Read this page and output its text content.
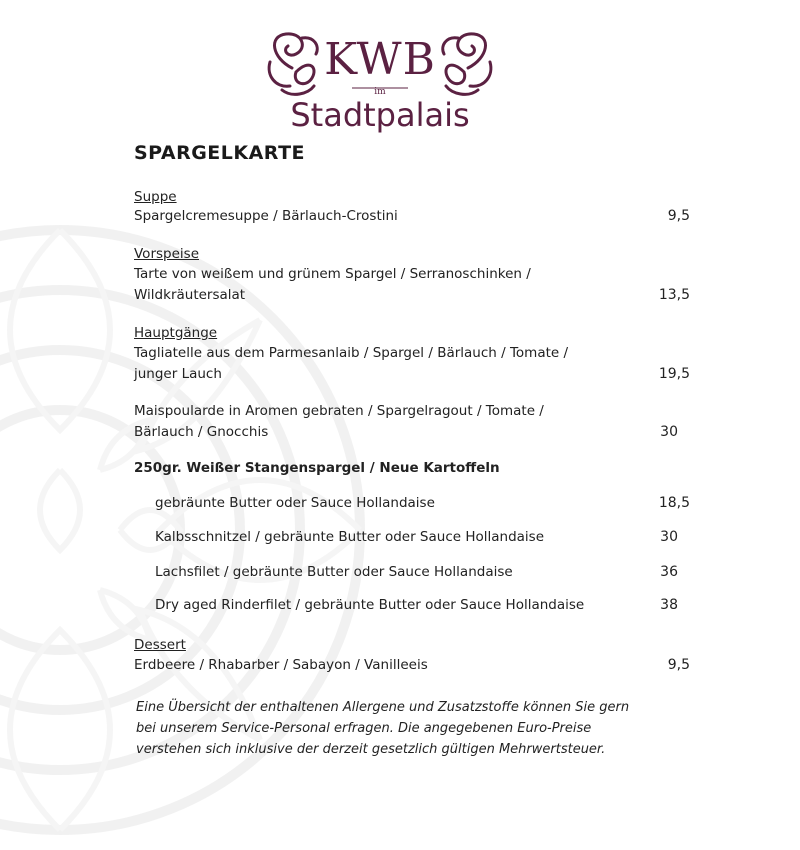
KWB
im
Stadtpalais
SPARGELKARTE
Suppe
Spargelcremesuppe / Bärlauch-Crostini	9,5
Vorspeise
Tarte von weißem und grünem Spargel / Serranoschinken /
Wildkräutersalat	13,5
Hauptgänge
Tagliatelle aus dem Parmesanlaib / Spargel / Bärlauch / Tomate /
junger Lauch	19,5
Maispoularde in Aromen gebraten / Spargelragout / Tomate /
Bärlauch / Gnocchis	30
250gr. Weißer Stangenspargel / Neue Kartoffeln
gebräunte Butter oder Sauce Hollandaise	18,5
Kalbsschnitzel / gebräunte Butter oder Sauce Hollandaise	30
Lachsfilet / gebräunte Butter oder Sauce Hollandaise	36
Dry aged Rinderfilet / gebräunte Butter oder Sauce Hollandaise	38
Dessert
Erdbeere / Rhabarber / Sabayon / Vanilleeis	9,5
Eine Übersicht der enthaltenen Allergene und Zusatzstoffe können Sie gern
bei unserem Service-Personal erfragen. Die angegebenen Euro-Preise
verstehen sich inklusive der derzeit gesetzlich gültigen Mehrwertsteuer.
